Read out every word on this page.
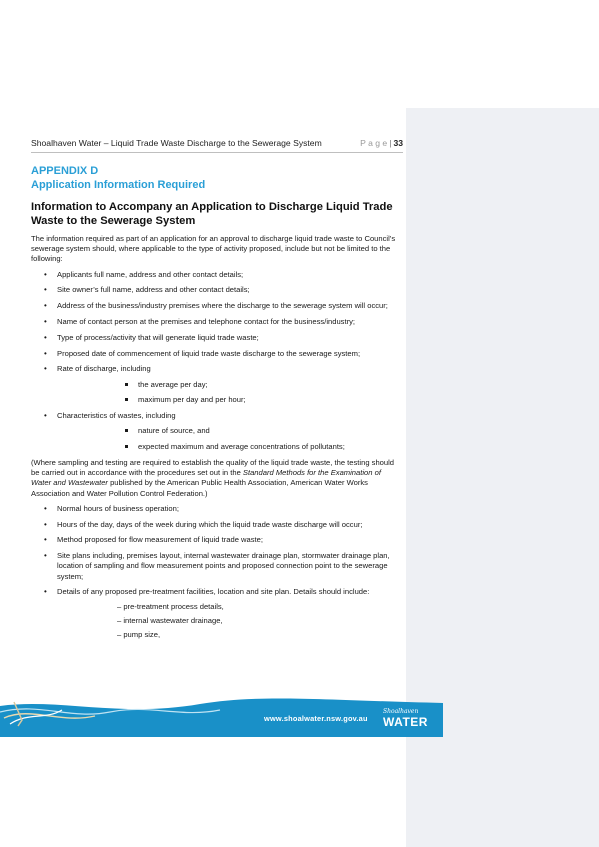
Shoalhaven Water – Liquid Trade Waste Discharge to the Sewerage System	P a g e | 33
APPENDIX D
Application Information Required
Information to Accompany an Application to Discharge Liquid Trade Waste to the Sewerage System

The information required as part of an application for an approval to discharge liquid trade waste to Council’s sewerage system should, where applicable to the type of activity proposed, include but not be limited to the following:

• Applicants full name, address and other contact details;
• Site owner’s full name, address and other contact details;
• Address of the business/industry premises where the discharge to the sewerage system will occur;
• Name of contact person at the premises and telephone contact for the business/industry;
• Type of process/activity that will generate liquid trade waste;
• Proposed date of commencement of liquid trade waste discharge to the sewerage system;
• Rate of discharge, including
the average per day;
maximum per day and per hour;
• Characteristics of wastes, including
nature of source, and
expected maximum and average concentrations of pollutants;

(Where sampling and testing are required to establish the quality of the liquid trade waste, the testing should be carried out in accordance with the procedures set out in the Standard Methods for the Examination of Water and Wastewater published by the American Public Health Association, American Water Works Association and Water Pollution Control Federation.)

• Normal hours of business operation;
• Hours of the day, days of the week during which the liquid trade waste discharge will occur;
• Method proposed for flow measurement of liquid trade waste;
• Site plans including, premises layout, internal wastewater drainage plan, stormwater drainage plan, location of sampling and flow measurement points and proposed connection point to the sewerage system;
• Details of any proposed pre-treatment facilities, location and site plan. Details should include:
– pre-treatment process details,
– internal wastewater drainage,
– pump size,
www.shoalwater.nsw.gov.au
Shoalhaven
WATER
